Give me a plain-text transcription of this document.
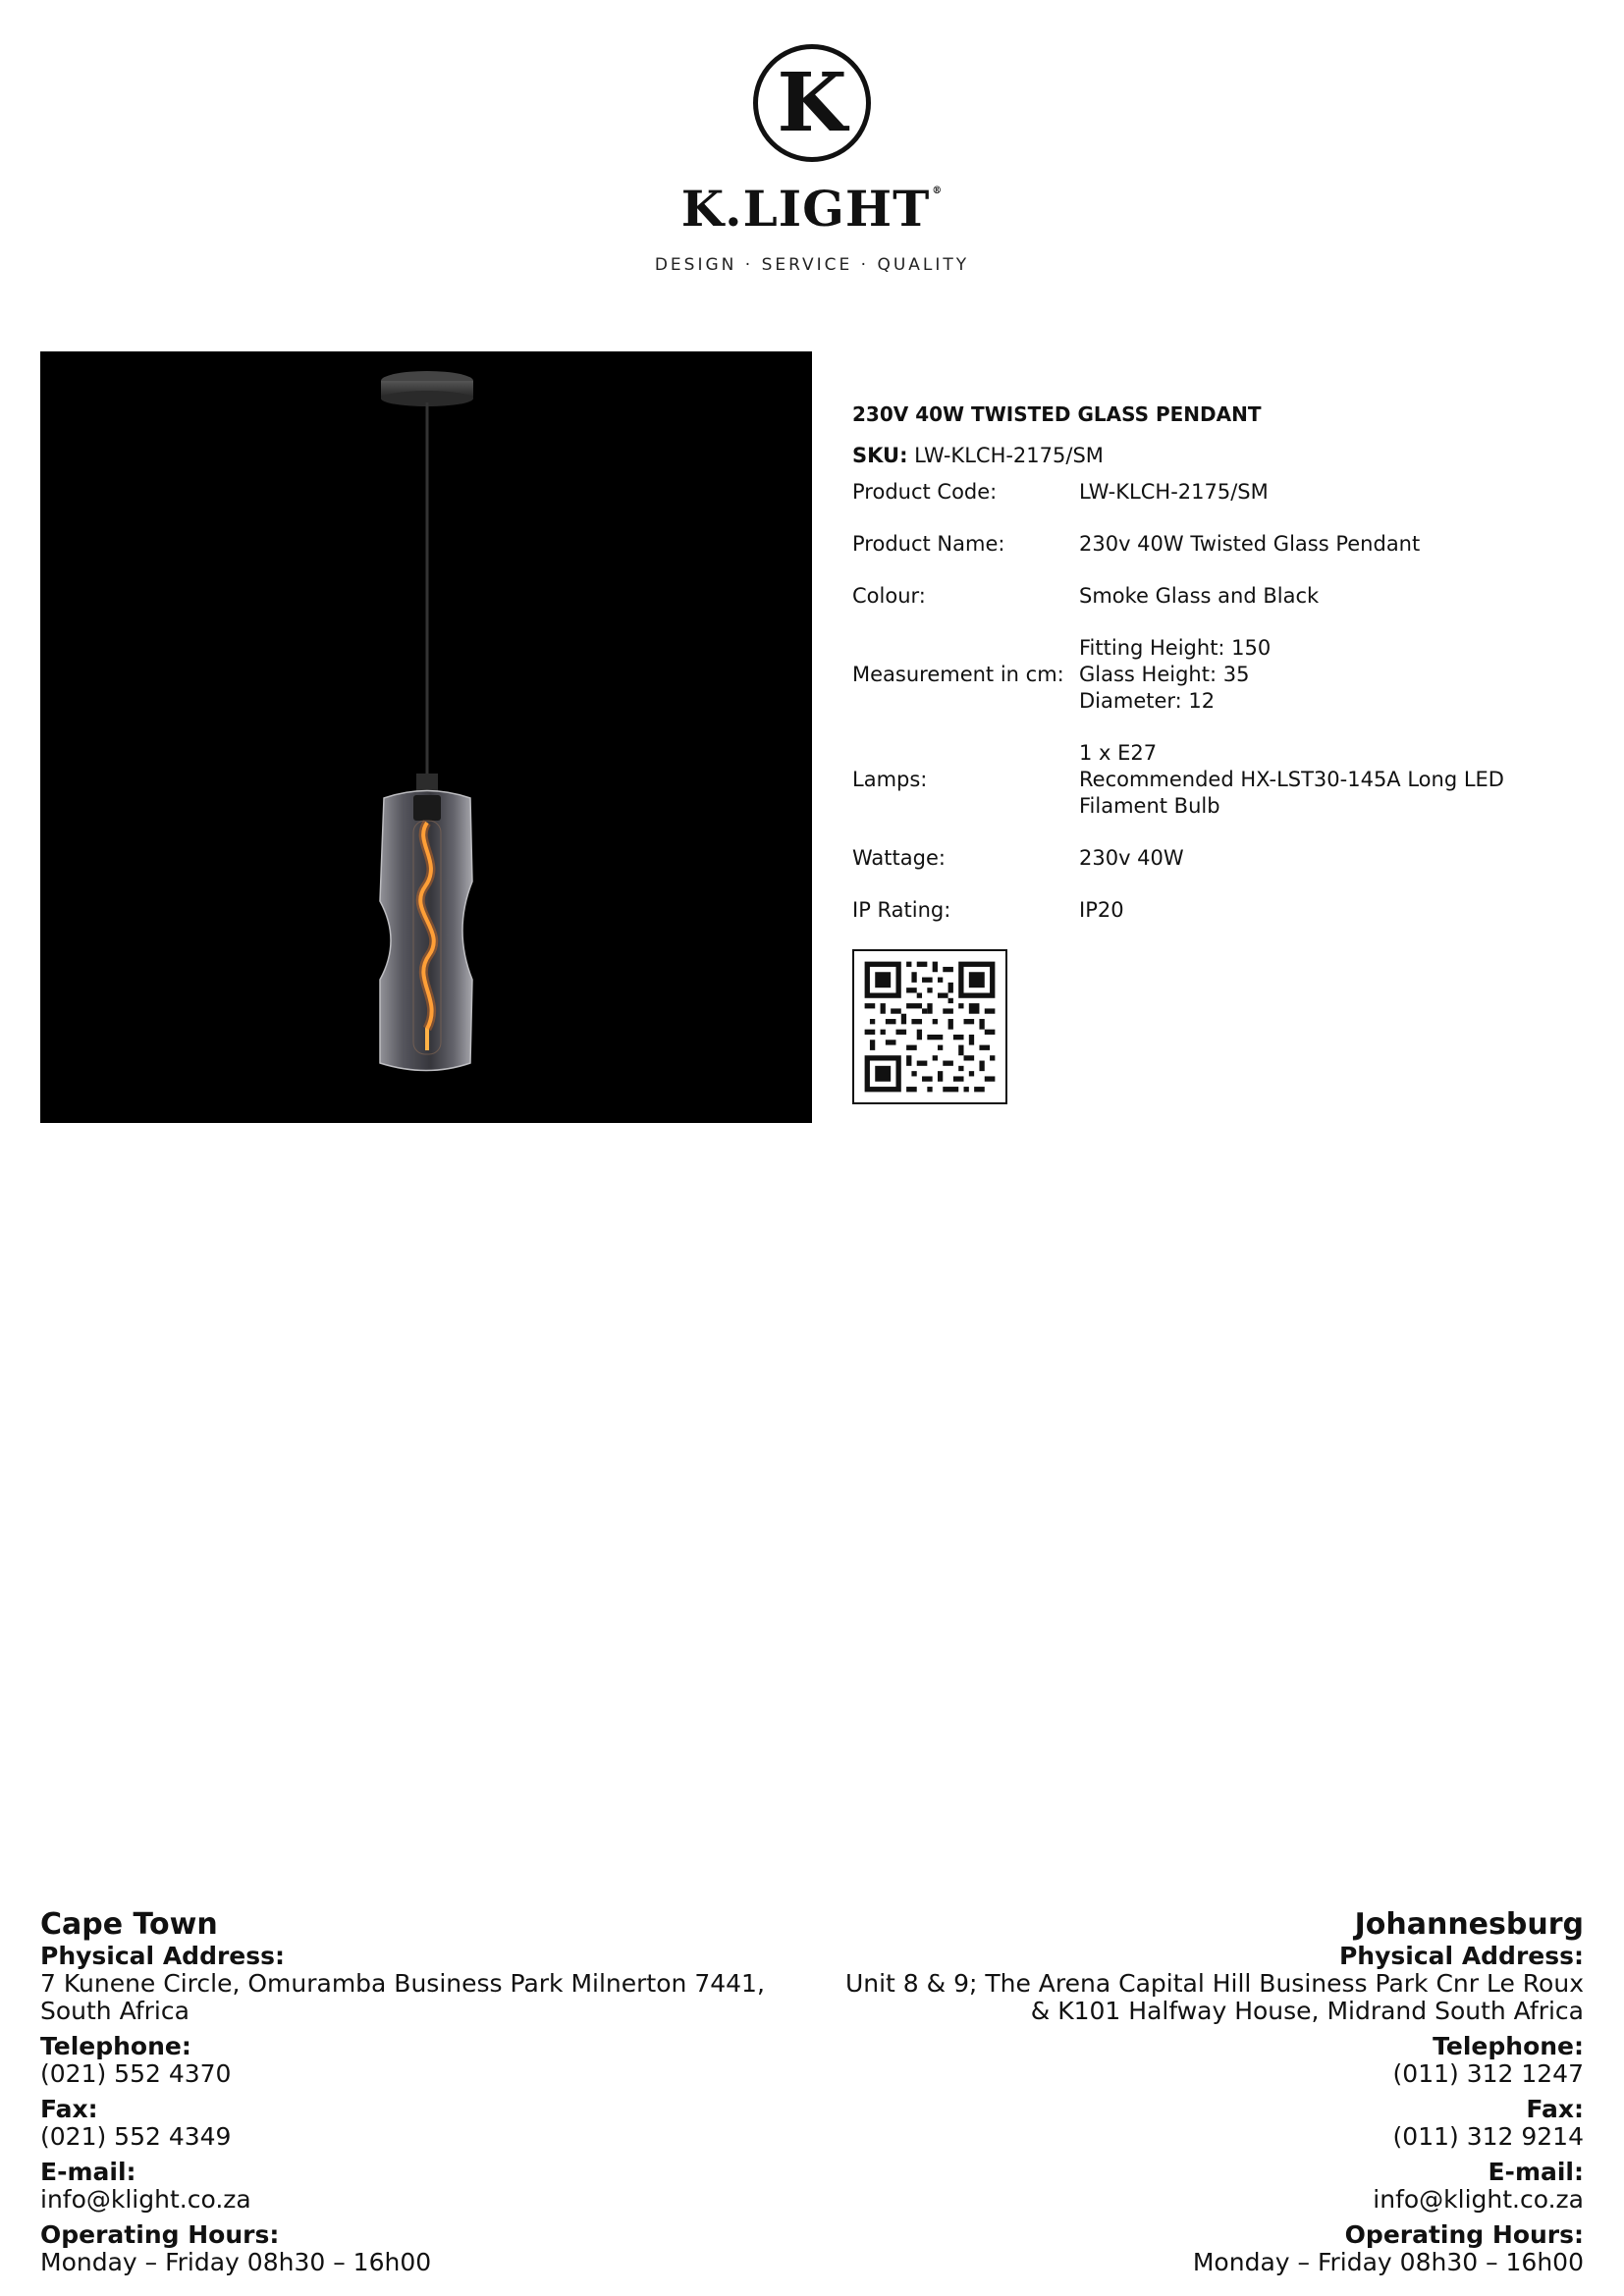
K
K.LIGHT ®
DESIGN · SERVICE · QUALITY

230V 40W TWISTED GLASS PENDANT

SKU: LW-KLCH-2175/SM
Product Code:	LW-KLCH-2175/SM
Product Name:	230v 40W Twisted Glass Pendant
Colour:	Smoke Glass and Black
Measurement in cm:	Fitting Height: 150
Glass Height: 35
Diameter: 12

Lamps:	1 x E27
Recommended HX-LST30-145A Long LED
Filament Bulb

Wattage:	230v 40W
IP Rating:	IP20
Cape Town
Physical Address:
7 Kunene Circle, Omuramba Business Park Milnerton 7441,
South Africa
Telephone:
(021) 552 4370
Fax:
(021) 552 4349
E-mail:
info@klight.co.za
Operating Hours:
Monday – Friday 08h30 – 16h00
Johannesburg
Physical Address:
Unit 8 & 9; The Arena Capital Hill Business Park Cnr Le Roux
& K101 Halfway House, Midrand South Africa
Telephone:
(011) 312 1247
Fax:
(011) 312 9214
E-mail:
info@klight.co.za
Operating Hours:
Monday – Friday 08h30 – 16h00
